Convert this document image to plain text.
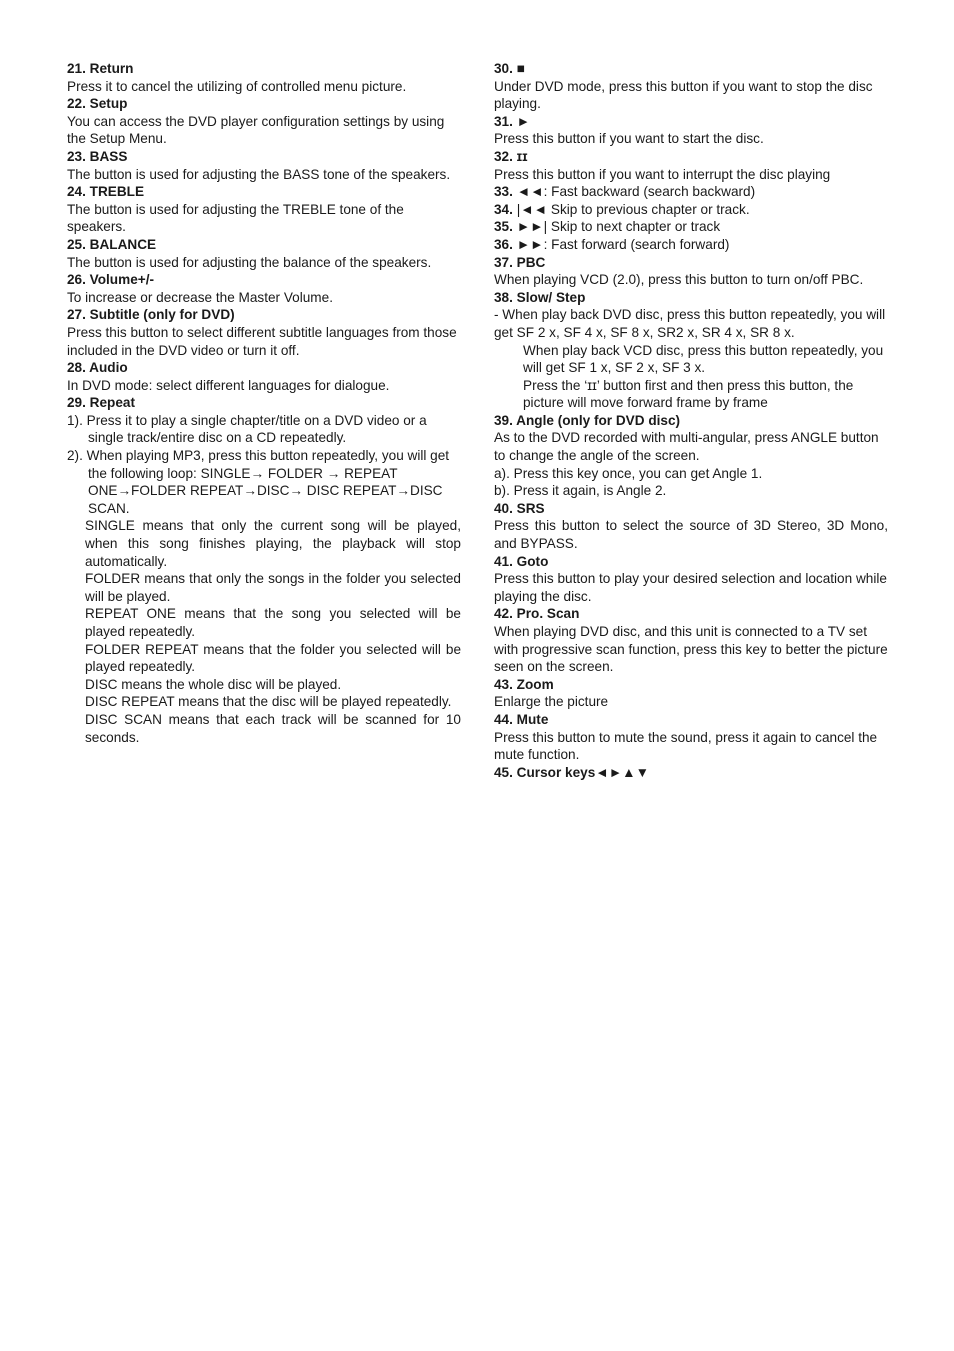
21. Return
Press it to cancel the utilizing of controlled menu picture.
22. Setup
You can access the DVD player configuration settings by using the Setup Menu.
23. BASS
The button is used for adjusting the BASS tone of the speakers.
24. TREBLE
The button is used for adjusting the TREBLE tone of the speakers.
25. BALANCE
The button is used for adjusting the balance of the speakers.
26. Volume+/-
To increase or decrease the Master Volume.
27. Subtitle (only for DVD)
Press this button to select different subtitle languages from those included in the DVD video or turn it off.
28. Audio
In DVD mode: select different languages for dialogue.
29. Repeat
1). Press it to play a single chapter/title on a DVD video or a single track/entire disc on a CD repeatedly.
2). When playing MP3, press this button repeatedly, you will get the following loop: SINGLE→ FOLDER → REPEAT ONE→FOLDER REPEAT→DISC→ DISC REPEAT→DISC SCAN.
SINGLE means that only the current song will be played, when this song finishes playing, the playback will stop automatically.
FOLDER means that only the songs in the folder you selected will be played.
REPEAT ONE means that the song you selected will be played repeatedly.
FOLDER REPEAT means that the folder you selected will be played repeatedly.
DISC means the whole disc will be played.
DISC REPEAT means that the disc will be played repeatedly.
DISC SCAN means that each track will be scanned for 10 seconds.
30. ■
Under DVD mode, press this button if you want to stop the disc playing.
31. ►
Press this button if you want to start the disc.
32. ɪɪ
Press this button if you want to interrupt the disc playing
33. ◄◄: Fast backward (search backward)
34. |◄◄ Skip to previous chapter or track.
35. ►►| Skip to next chapter or track
36. ►►: Fast forward (search forward)
37. PBC
When playing VCD (2.0), press this button to turn on/off PBC.
38. Slow/ Step
- When play back DVD disc, press this button repeatedly, you will get SF 2 x, SF 4 x, SF 8 x, SR2 x, SR 4 x, SR 8 x.
When play back VCD disc, press this button repeatedly, you will get SF 1 x, SF 2 x, SF 3 x.
Press the ‘ɪɪ’ button first and then press this button, the picture will move forward frame by frame
39. Angle (only for DVD disc)
As to the DVD recorded with multi-angular, press ANGLE button to change the angle of the screen.
a). Press this key once, you can get Angle 1.
b). Press it again, is Angle 2.
40. SRS
Press this button to select the source of 3D Stereo, 3D Mono, and BYPASS.
41. Goto
Press this button to play your desired selection and location while playing the disc.
42. Pro. Scan
When playing DVD disc, and this unit is connected to a TV set with progressive scan function, press this key to better the picture seen on the screen.
43. Zoom
Enlarge the picture
44. Mute
Press this button to mute the sound, press it again to cancel the mute function.
45. Cursor keys◄►▲▼
